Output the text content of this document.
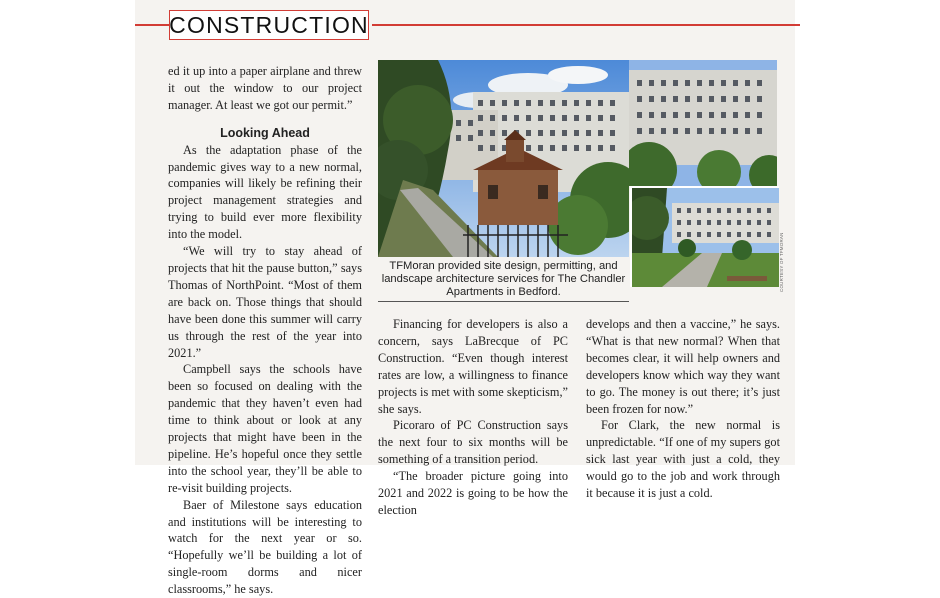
CONSTRUCTION

ed it up into a paper airplane and threw it out the window to our project manager. At least we got our permit.”

Looking Ahead

As the adaptation phase of the pandemic gives way to a new normal, companies will likely be refining their project management strategies and trying to build ever more flexibility into the model.

“We will try to stay ahead of projects that hit the pause button,” says Thomas of NorthPoint. “Most of them are back on. Those things that should have been done this summer will carry us through the rest of the year into 2021.”

Campbell says the schools have been so focused on dealing with the pandemic that they haven’t even had time to think about or look at any projects that might have been in the pipeline. He’s hopeful once they settle into the school year, they’ll be able to re-visit building projects.

Baer of Milestone says education and institutions will be interesting to watch for the next year or so. “Hopefully we’ll be building a lot of single-room dorms and nicer classrooms,” he says.

TFMoran provided site design, permitting, and
landscape architecture services for The Chandler
Apartments in Bedford.	COURTESY OF TFMORAN

Financing for developers is also a concern, says LaBrecque of PC Construction. “Even though interest rates are low, a willingness to finance projects is met with some skepticism,” she says.

Picoraro of PC Construction says the next four to six months will be something of a transition period.

“The broader picture going into 2021 and 2022 is going to be how the election

develops and then a vaccine,” he says. “What is that new normal? When that becomes clear, it will help owners and developers know which way they want to go. The money is out there; it’s just been frozen for now.”

For Clark, the new normal is unpredictable. “If one of my supers got sick last year with just a cold, they would go to the job and work through it because it is just a cold.
